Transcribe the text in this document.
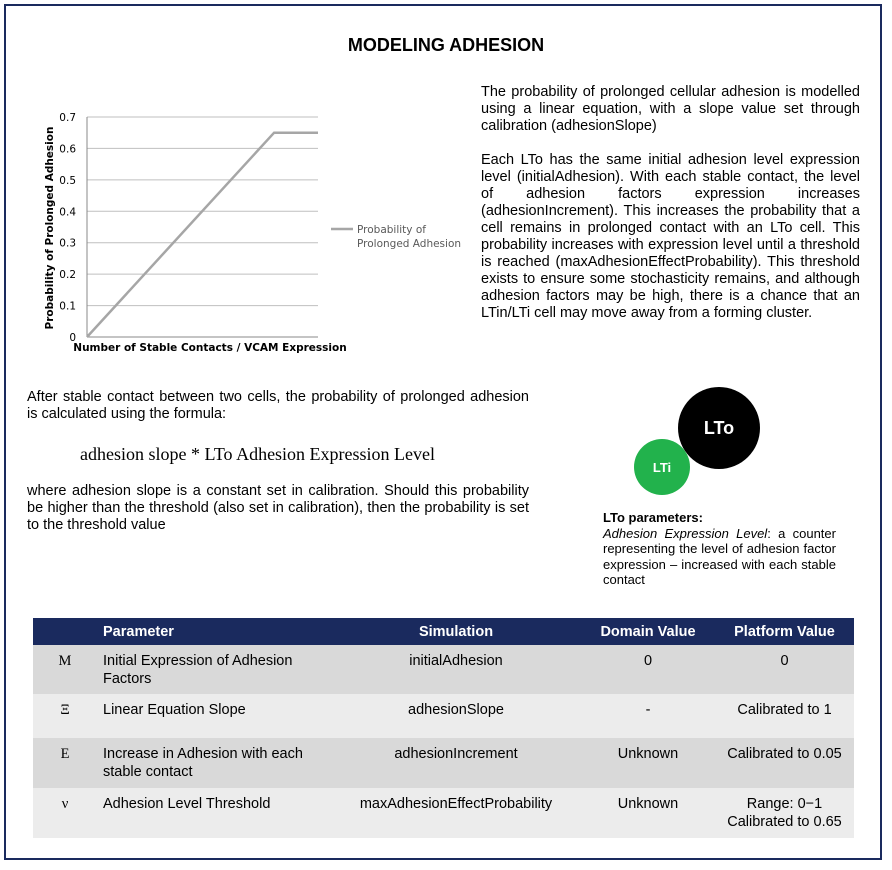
MODELING ADHESION
0
0.1
0.2
0.3
0.4
0.5
0.6
0.7
Number of Stable Contacts / VCAM Expression
Probability of Prolonged Adhesion	Probability of
Prolonged Adhesion

The probability of prolonged cellular adhesion is modelled using a linear equation, with a slope value set through calibration (adhesionSlope)

Each LTo has the same initial adhesion level expression level (initialAdhesion). With each stable contact, the level of adhesion factors expression increases (adhesionIncrement). This increases the probability that a cell remains in prolonged contact with an LTo cell. This probability increases with expression level until a threshold is reached (maxAdhesionEffectProbability). This threshold exists to ensure some stochasticity remains, and although adhesion factors may be high, there is a chance that an LTin/LTi cell may move away from a forming cluster.

After stable contact between two cells, the probability of prolonged adhesion is calculated using the formula:
adhesion slope * LTo Adhesion Expression Level
where adhesion slope is a constant set in calibration. Should this probability be higher than the threshold (also set in calibration), then the probability is set to the threshold value
LTo
LTi
LTo parameters:
Adhesion Expression Level: a counter representing the level of adhesion factor expression – increased with each stable contact
	Parameter	Simulation	Domain Value	Platform Value
Μ	Initial Expression of Adhesion Factors	initialAdhesion	0	0
Ξ	Linear Equation Slope	adhesionSlope	-	Calibrated to 1
Ε	Increase in Adhesion with each stable contact	adhesionIncrement	Unknown	Calibrated to 0.05
ν	Adhesion Level Threshold	maxAdhesionEffectProbability	Unknown	Range: 0−1
Calibrated to 0.65
